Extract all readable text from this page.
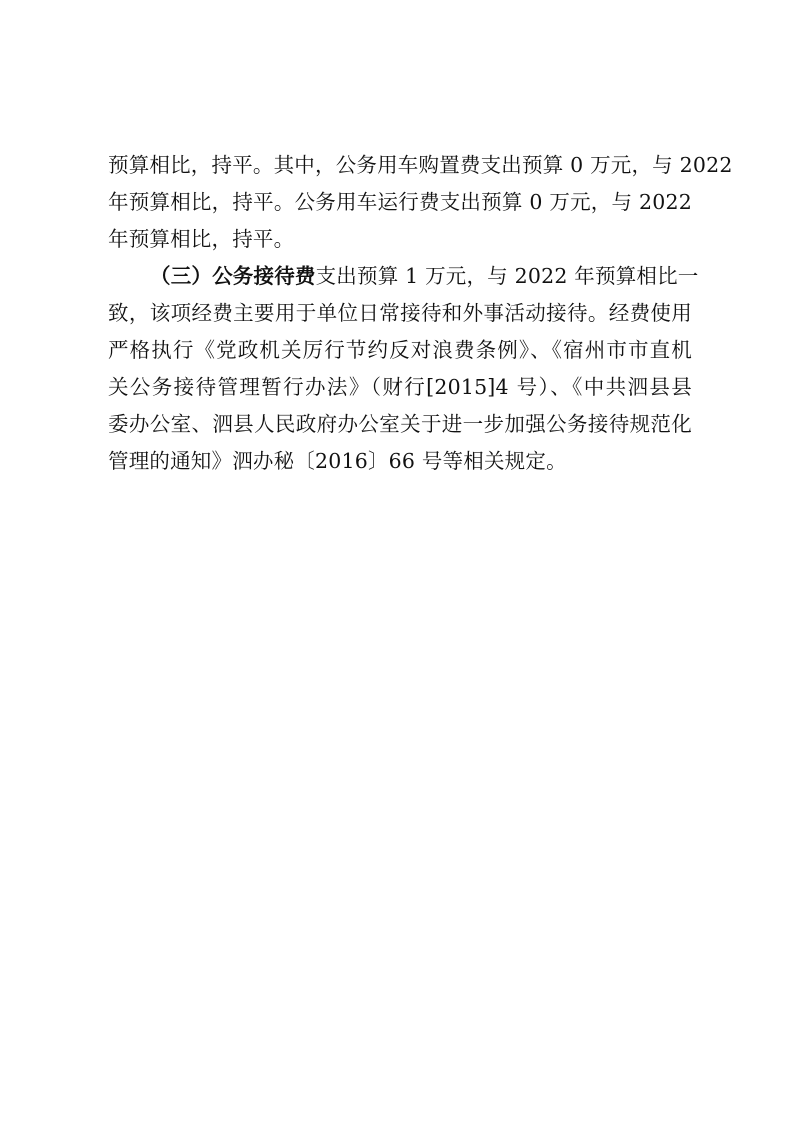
预算相比，持平。其中，公务用车购置费支出预算 0 万元，与 2022
年预算相比，持平。公务用车运行费支出预算 0 万元，与 2022
年预算相比，持平。
（三）公务接待费支出预算 1 万元，与 2022 年预算相比一
致，该项经费主要用于单位日常接待和外事活动接待。经费使用
严格执行《党政机关厉行节约反对浪费条例》、《宿州市市直机
关公务接待管理暂行办法》（财行[2015]4 号）、《中共泗县县
委办公室、泗县人民政府办公室关于进一步加强公务接待规范化
管理的通知》泗办秘〔2016〕66 号等相关规定。
